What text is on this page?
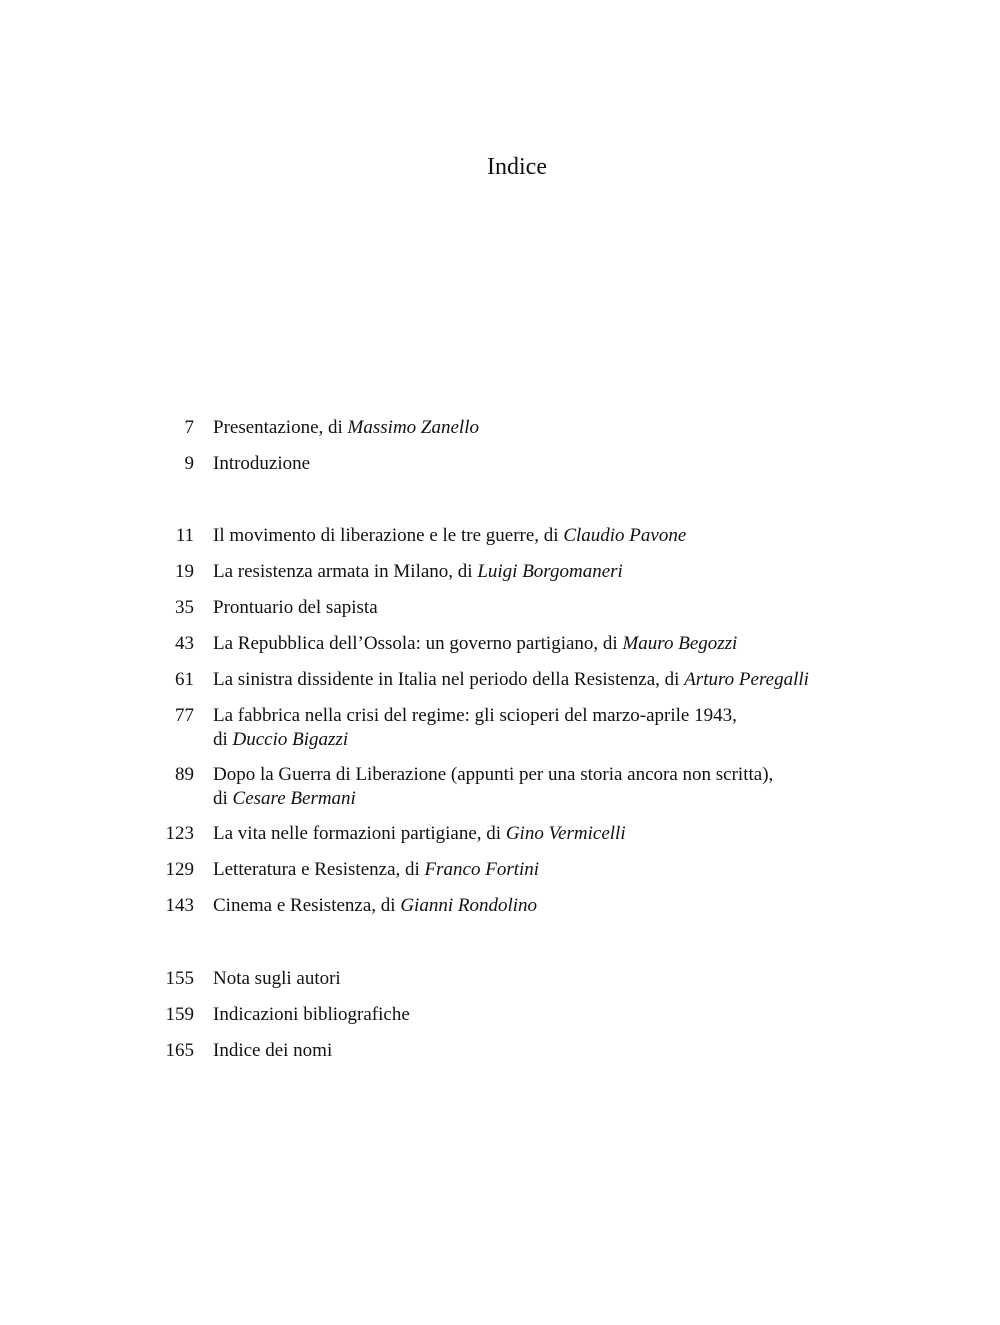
Indice
7 Presentazione, di Massimo Zanello
9 Introduzione
11 Il movimento di liberazione e le tre guerre, di Claudio Pavone
19 La resistenza armata in Milano, di Luigi Borgomaneri
35 Prontuario del sapista
43 La Repubblica dell’Ossola: un governo partigiano, di Mauro Begozzi
61 La sinistra dissidente in Italia nel periodo della Resistenza, di Arturo Peregalli
77 La fabbrica nella crisi del regime: gli scioperi del marzo-aprile 1943,
di Duccio Bigazzi
89 Dopo la Guerra di Liberazione (appunti per una storia ancora non scritta),
di Cesare Bermani
123 La vita nelle formazioni partigiane, di Gino Vermicelli
129 Letteratura e Resistenza, di Franco Fortini
143 Cinema e Resistenza, di Gianni Rondolino
155 Nota sugli autori
159 Indicazioni bibliografiche
165 Indice dei nomi
